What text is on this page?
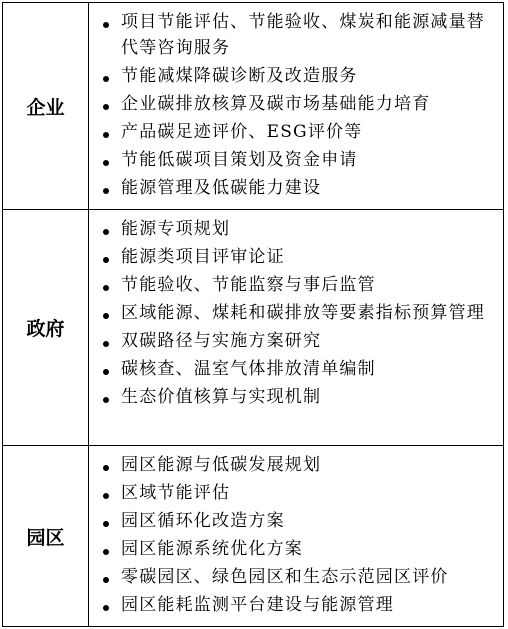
企业
项目节能评估、节能验收、煤炭和能源减量替代等咨询服务
节能减煤降碳诊断及改造服务
企业碳排放核算及碳市场基础能力培育
产品碳足迹评价、ESG评价等
节能低碳项目策划及资金申请
能源管理及低碳能力建设
政府
能源专项规划
能源类项目评审论证
节能验收、节能监察与事后监管
区域能源、煤耗和碳排放等要素指标预算管理
双碳路径与实施方案研究
碳核查、温室气体排放清单编制
生态价值核算与实现机制
园区
园区能源与低碳发展规划
区域节能评估
园区循环化改造方案
园区能源系统优化方案
零碳园区、绿色园区和生态示范园区评价
园区能耗监测平台建设与能源管理
